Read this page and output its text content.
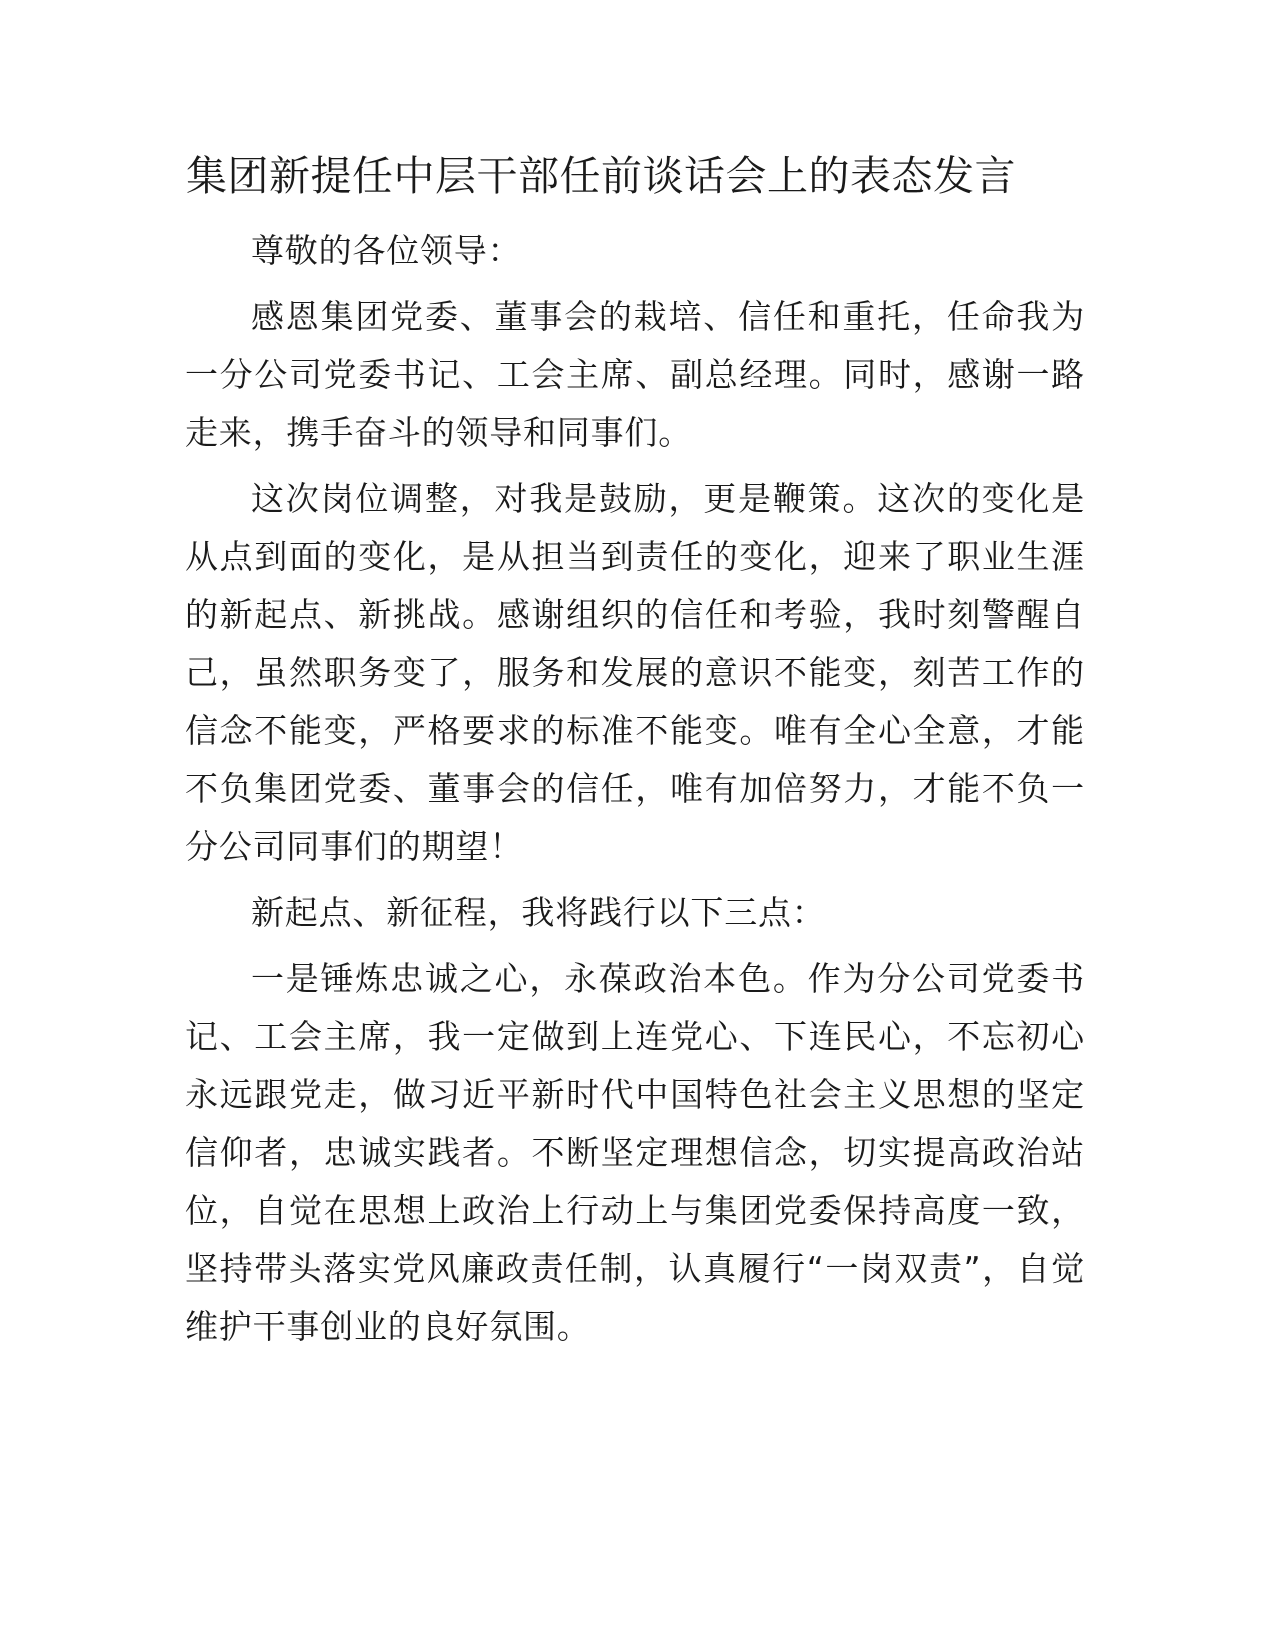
集团新提任中层干部任前谈话会上的表态发言

尊敬的各位领导：

感恩集团党委、董事会的栽培、信任和重托，任命我为一分公司党委书记、工会主席、副总经理。同时，感谢一路走来，携手奋斗的领导和同事们。

这次岗位调整，对我是鼓励，更是鞭策。这次的变化是从点到面的变化，是从担当到责任的变化，迎来了职业生涯的新起点、新挑战。感谢组织的信任和考验，我时刻警醒自己，虽然职务变了，服务和发展的意识不能变，刻苦工作的信念不能变，严格要求的标准不能变。唯有全心全意，才能不负集团党委、董事会的信任，唯有加倍努力，才能不负一分公司同事们的期望！

新起点、新征程，我将践行以下三点：

一是锤炼忠诚之心，永葆政治本色。作为分公司党委书记、工会主席，我一定做到上连党心、下连民心，不忘初心永远跟党走，做习近平新时代中国特色社会主义思想的坚定信仰者，忠诚实践者。不断坚定理想信念，切实提高政治站位，自觉在思想上政治上行动上与集团党委保持高度一致，坚持带头落实党风廉政责任制，认真履行“一岗双责”，自觉维护干事创业的良好氛围。
